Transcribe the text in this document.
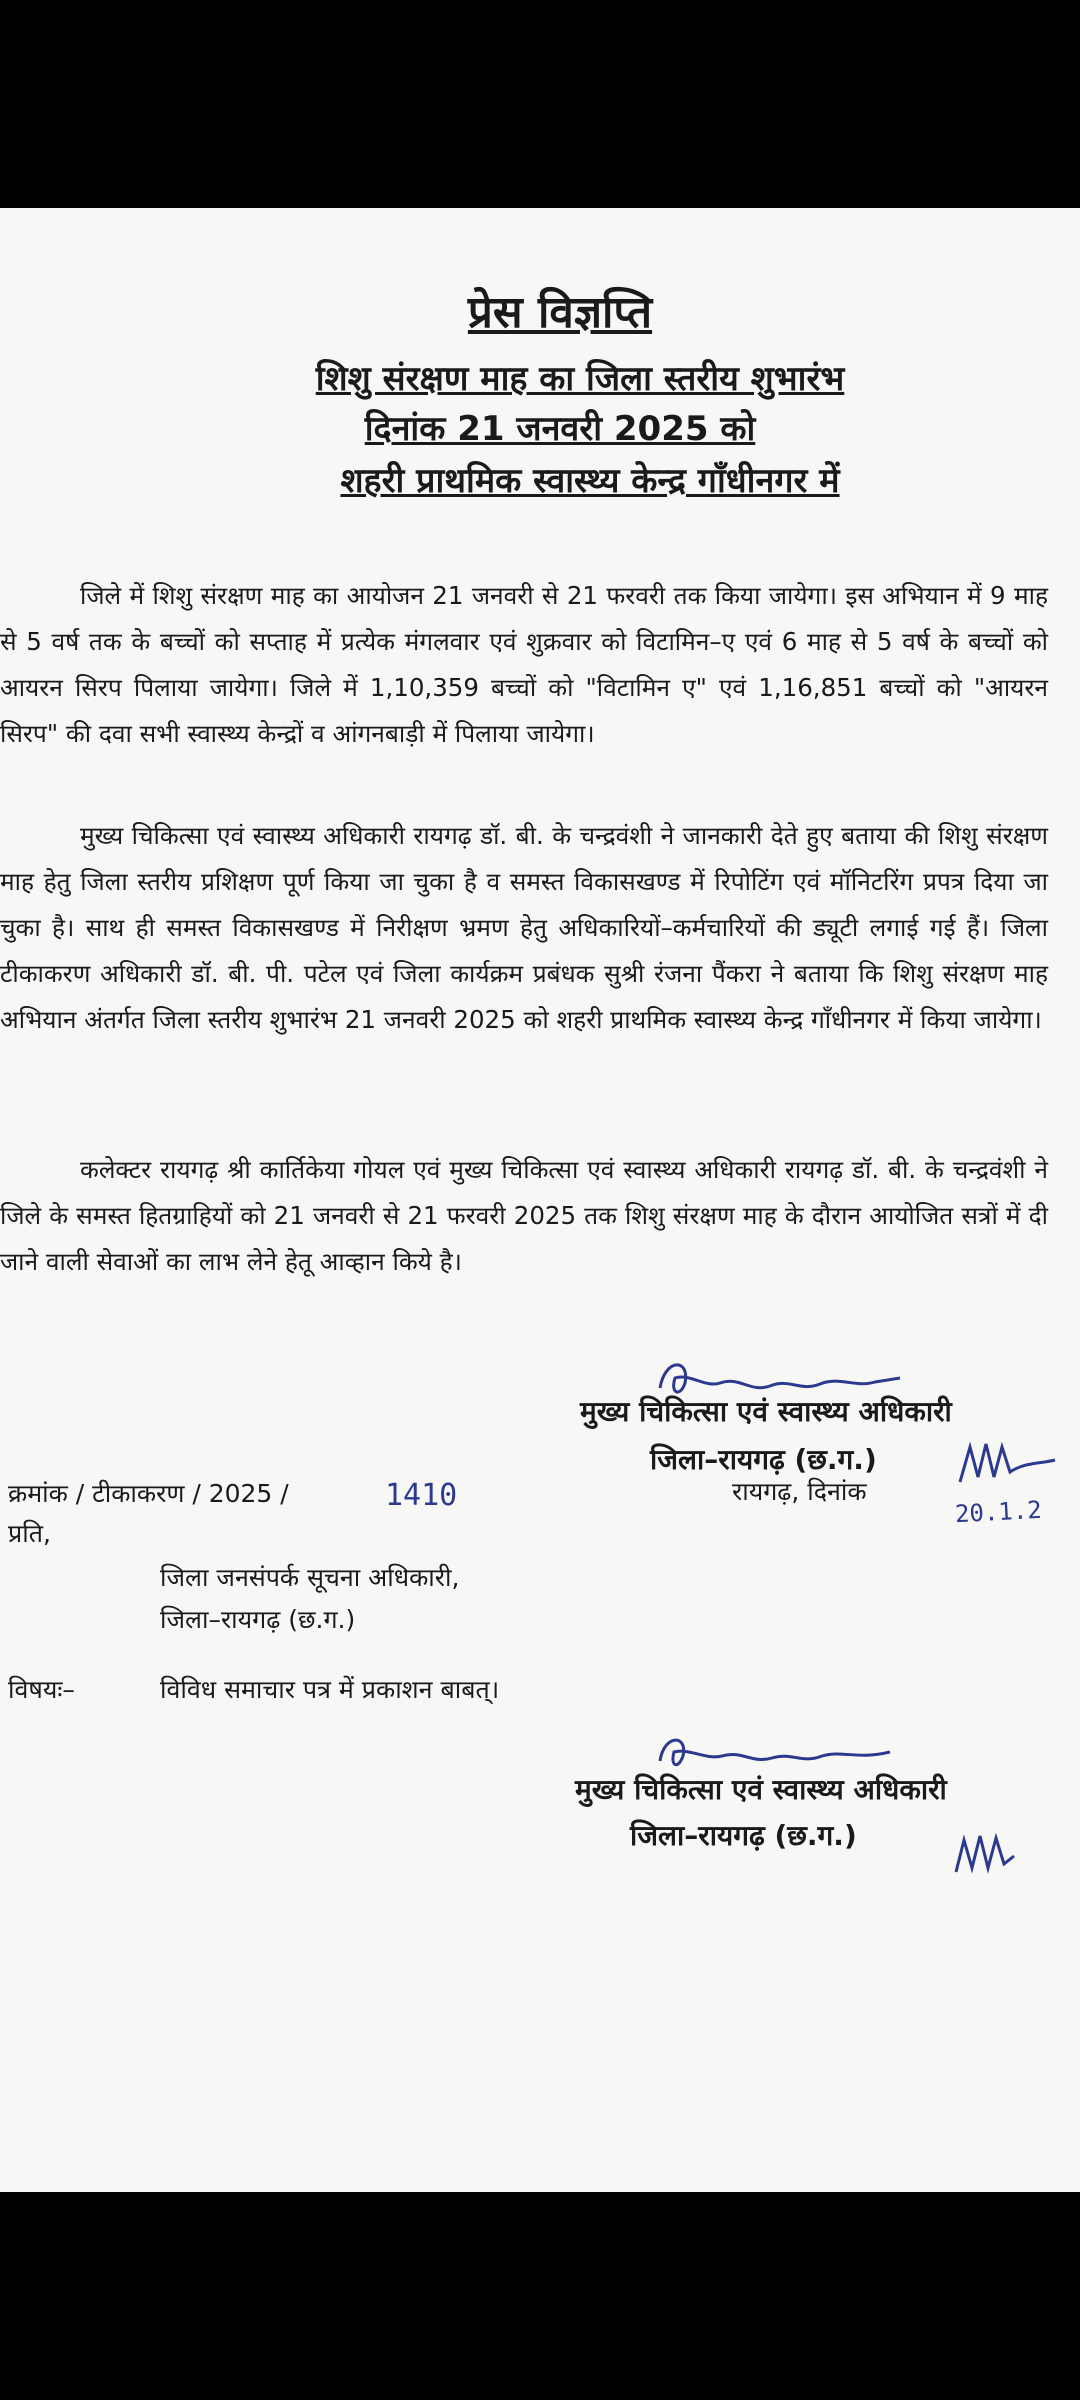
प्रेस विज्ञप्ति
शिशु संरक्षण माह का जिला स्तरीय शुभारंभ
दिनांक 21 जनवरी 2025 को
शहरी प्राथमिक स्वास्थ्य केन्द्र गाँधीनगर में

जिले में शिशु संरक्षण माह का आयोजन 21 जनवरी से 21 फरवरी तक किया जायेगा। इस अभियान में 9 माह से 5 वर्ष तक के बच्चों को सप्ताह में प्रत्येक मंगलवार एवं शुक्रवार को विटामिन–ए एवं 6 माह से 5 वर्ष के बच्चों को आयरन सिरप पिलाया जायेगा। जिले में 1,10,359 बच्चों को "विटामिन ए" एवं 1,16,851 बच्चों को "आयरन सिरप" की दवा सभी स्वास्थ्य केन्द्रों व आंगनबाड़ी में पिलाया जायेगा।

मुख्य चिकित्सा एवं स्वास्थ्य अधिकारी रायगढ़ डॉ. बी. के चन्द्रवंशी ने जानकारी देते हुए बताया की शिशु संरक्षण माह हेतु जिला स्तरीय प्रशिक्षण पूर्ण किया जा चुका है व समस्त विकासखण्ड में रिपोटिंग एवं मॉनिटरिंग प्रपत्र दिया जा चुका है। साथ ही समस्त विकासखण्ड में निरीक्षण भ्रमण हेतु अधिकारियों–कर्मचारियों की ड्यूटी लगाई गई हैं। जिला टीकाकरण अधिकारी डॉ. बी. पी. पटेल एवं जिला कार्यक्रम प्रबंधक सुश्री रंजना पैंकरा ने बताया कि शिशु संरक्षण माह अभियान अंतर्गत जिला स्तरीय शुभारंभ 21 जनवरी 2025 को शहरी प्राथमिक स्वास्थ्य केन्द्र गाँधीनगर में किया जायेगा।

कलेक्टर रायगढ़ श्री कार्तिकेया गोयल एवं मुख्य चिकित्सा एवं स्वास्थ्य अधिकारी रायगढ़ डॉ. बी. के चन्द्रवंशी ने जिले के समस्त हितग्राहियों को 21 जनवरी से 21 फरवरी 2025 तक शिशु संरक्षण माह के दौरान आयोजित सत्रों में दी जाने वाली सेवाओं का लाभ लेने हेतू आव्हान किये है।

मुख्य चिकित्सा एवं स्वास्थ्य अधिकारी
जिला–रायगढ़ (छ.ग.)
क्रमांक / टीकाकरण / 2025 /	1410	रायगढ़, दिनांक
20.1.2
प्रति,
जिला जनसंपर्क सूचना अधिकारी,
जिला–रायगढ़ (छ.ग.)
विषयः–	विविध समाचार पत्र में प्रकाशन बाबत्।
मुख्य चिकित्सा एवं स्वास्थ्य अधिकारी
जिला–रायगढ़ (छ.ग.)
